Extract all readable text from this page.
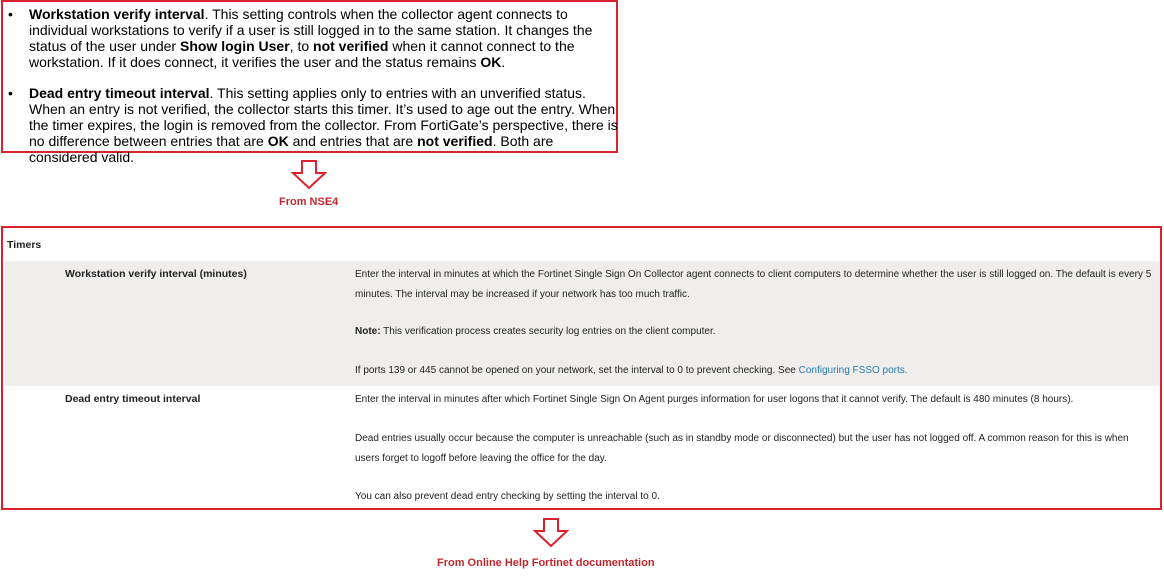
•	Workstation verify interval. This setting controls when the collector agent connects to individual workstations to verify if a user is still logged in to the same station. It changes the status of the user under Show login User, to not verified when it cannot connect to the workstation. If it does connect, it verifies the user and the status remains OK.
•	Dead entry timeout interval. This setting applies only to entries with an unverified status. When an entry is not verified, the collector starts this timer. It’s used to age out the entry. When the timer expires, the login is removed from the collector. From FortiGate’s perspective, there is no difference between entries that are OK and entries that are not verified. Both are considered valid.
From NSE4
Timers
Workstation verify interval (minutes)	Enter the interval in minutes at which the Fortinet Single Sign On Collector agent connects to client computers to determine whether the user is still logged on. The default is every 5 minutes. The interval may be increased if your network has too much traffic.
Note: This verification process creates security log entries on the client computer.
If ports 139 or 445 cannot be opened on your network, set the interval to 0 to prevent checking. See Configuring FSSO ports.
Dead entry timeout interval	Enter the interval in minutes after which Fortinet Single Sign On Agent purges information for user logons that it cannot verify. The default is 480 minutes (8 hours).
Dead entries usually occur because the computer is unreachable (such as in standby mode or disconnected) but the user has not logged off. A common reason for this is when users forget to logoff before leaving the office for the day.
You can also prevent dead entry checking by setting the interval to 0.
From Online Help Fortinet documentation
